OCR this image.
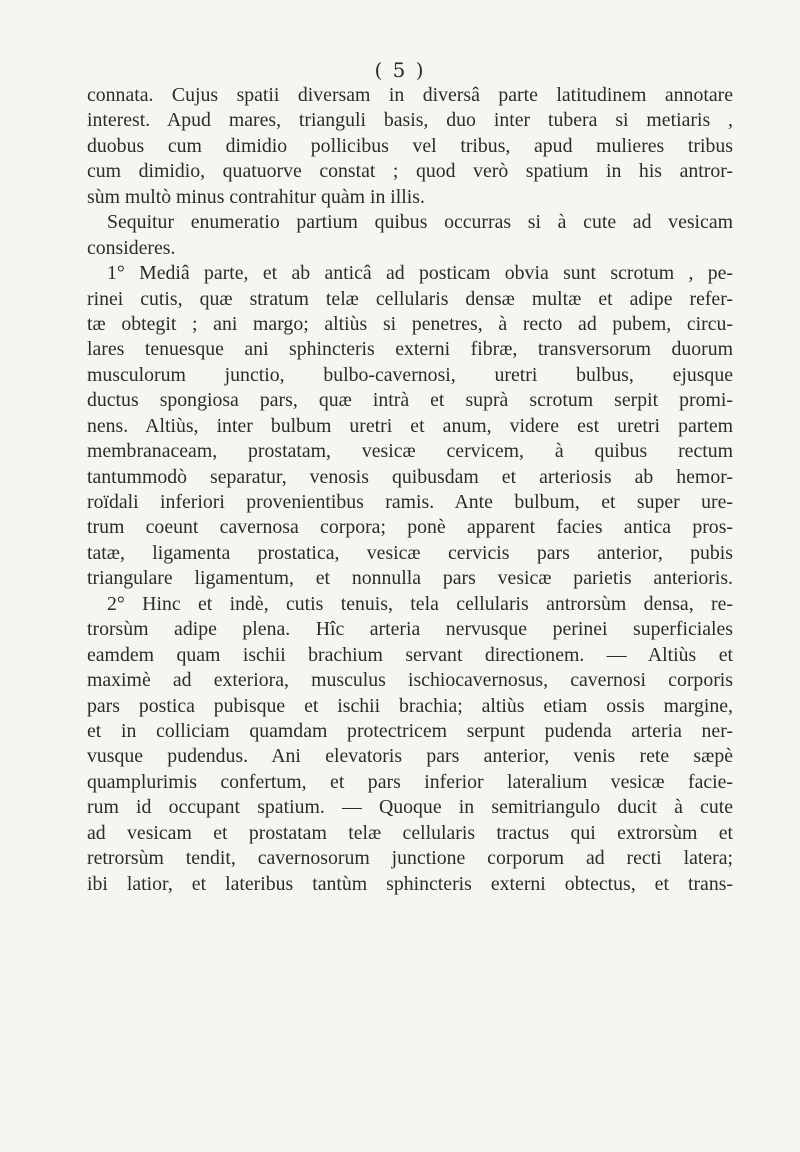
( 5 )
connata. Cujus spatii diversam in diversâ parte latitudinem annotare
interest. Apud mares, trianguli basis, duo inter tubera si metiaris ,
duobus cum dimidio pollicibus vel tribus, apud mulieres tribus
cum dimidio, quatuorve constat ; quod verò spatium in his antror-
sùm multò minus contrahitur quàm in illis.
Sequitur enumeratio partium quibus occurras si à cute ad vesicam
consideres.
1° Mediâ parte, et ab anticâ ad posticam obvia sunt scrotum , pe-
rinei cutis, quæ stratum telæ cellularis densæ multæ et adipe refer-
tæ obtegit ; ani margo; altiùs si penetres, à recto ad pubem, circu-
lares tenuesque ani sphincteris externi fibræ, transversorum duorum
musculorum junctio, bulbo-cavernosi, uretri bulbus, ejusque
ductus spongiosa pars, quæ intrà et suprà scrotum serpit promi-
nens. Altiùs, inter bulbum uretri et anum, videre est uretri partem
membranaceam, prostatam, vesicæ cervicem, à quibus rectum
tantummodò separatur, venosis quibusdam et arteriosis ab hemor-
roïdali inferiori provenientibus ramis. Ante bulbum, et super ure-
trum coeunt cavernosa corpora; ponè apparent facies antica pros-
tatæ, ligamenta prostatica, vesicæ cervicis pars anterior, pubis
triangulare ligamentum, et nonnulla pars vesicæ parietis anterioris.
2° Hinc et indè, cutis tenuis, tela cellularis antrorsùm densa, re-
trorsùm adipe plena. Hîc arteria nervusque perinei superficiales
eamdem quam ischii brachium servant directionem. — Altiùs et
maximè ad exteriora, musculus ischiocavernosus, cavernosi corporis
pars postica pubisque et ischii brachia; altiùs etiam ossis margine,
et in colliciam quamdam protectricem serpunt pudenda arteria ner-
vusque pudendus. Ani elevatoris pars anterior, venis rete sæpè
quamplurimis confertum, et pars inferior lateralium vesicæ facie-
rum id occupant spatium. — Quoque in semitriangulo ducit à cute
ad vesicam et prostatam telæ cellularis tractus qui extrorsùm et
retrorsùm tendit, cavernosorum junctione corporum ad recti latera;
ibi latior, et lateribus tantùm sphincteris externi obtectus, et trans-
